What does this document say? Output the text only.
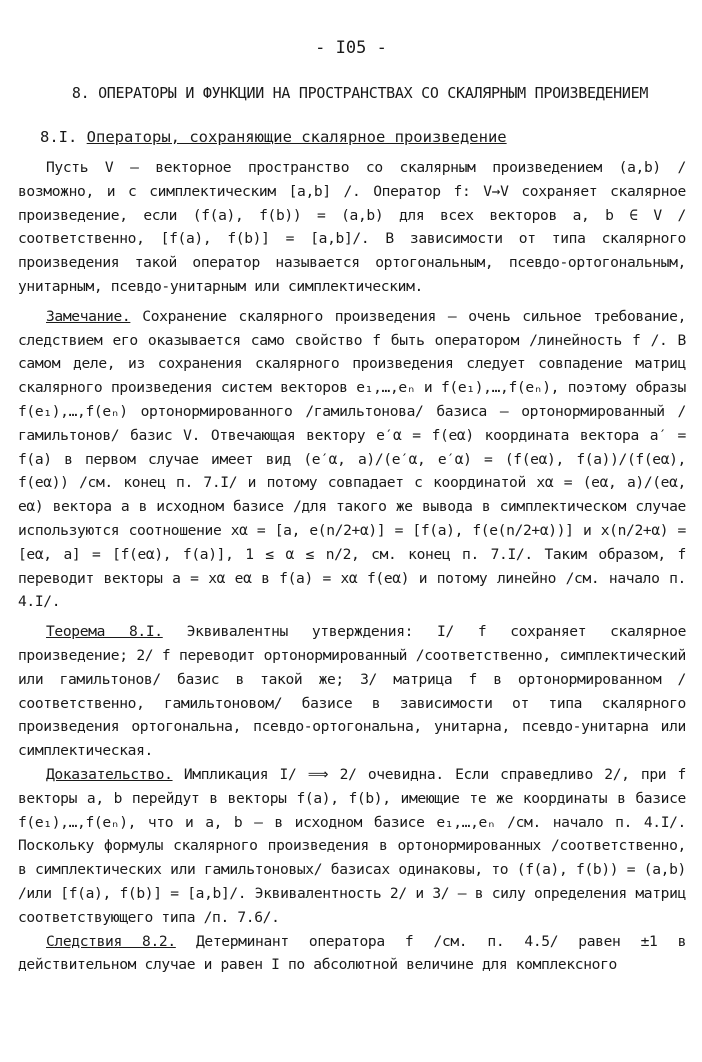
- I05 -
8. ОПЕРАТОРЫ И ФУНКЦИИ НА ПРОСТРАНСТВАХ СО СКАЛЯРНЫМ ПРОИЗВЕДЕНИЕМ
8.I. Операторы, сохраняющие скалярное произведение

Пусть V – векторное пространство со скалярным произведением (a,b) /возможно, и с симплектическим [a,b] /. Оператор f: V→V сохраняет скалярное произведение, если (f(a), f(b)) = (a,b) для всех векторов a, b ∈ V /соответственно, [f(a), f(b)] = [a,b]/. В зависимости от типа скалярного произведения такой оператор называется ортогональным, псевдо-ортогональным, унитарным, псевдо-унитарным или симплектическим.

Замечание. Сохранение скалярного произведения – очень сильное требование, следствием его оказывается само свойство f быть оператором /линейность f /. В самом деле, из сохранения скалярного произведения следует совпадение матриц скалярного произведения систем векторов e₁,…,eₙ и f(e₁),…,f(eₙ), поэтому образы f(e₁),…,f(eₙ) ортонормированного /гамильтонова/ базиса – ортонормированный /гамильтонов/ базис V. Отвечающая вектору e′α = f(eα) координата вектора a′ = f(a) в первом случае имеет вид (e′α, a)/(e′α, e′α) = (f(eα), f(a))/(f(eα), f(eα)) /см. конец п. 7.I/ и потому совпадает с координатой xα = (eα, a)/(eα, eα) вектора a в исходном базисе /для такого же вывода в симплектическом случае используются соотношение xα = [a, e(n/2+α)] = [f(a), f(e(n/2+α))] и x(n/2+α) = [eα, a] = [f(eα), f(a)], 1 ≤ α ≤ n/2, см. конец п. 7.I/. Таким образом, f переводит векторы a = xα eα в f(a) = xα f(eα) и потому линейно /см. начало п. 4.I/.

Теорема 8.I. Эквивалентны утверждения: I/ f сохраняет скалярное произведение; 2/ f переводит ортонормированный /соответственно, симплектический или гамильтонов/ базис в такой же; 3/ матрица f в ортонормированном /соответственно, гамильтоновом/ базисе в зависимости от типа скалярного произведения ортогональна, псевдо-ортогональна, унитарна, псевдо-унитарна или симплектическая.

Доказательство. Импликация I/ ⟹ 2/ очевидна. Если справедливо 2/, при f векторы a, b перейдут в векторы f(a), f(b), имеющие те же координаты в базисе f(e₁),…,f(eₙ), что и a, b – в исходном базисе e₁,…,eₙ /см. начало п. 4.I/. Поскольку формулы скалярного произведения в ортонормированных /соответственно, в симплектических или гамильтоновых/ базисах одинаковы, то (f(a), f(b)) = (a,b) /или [f(a), f(b)] = [a,b]/. Эквивалентность 2/ и 3/ – в силу определения матриц соответствующего типа /п. 7.6/.

Следствия 8.2. Детерминант оператора f /см. п. 4.5/ равен ±1 в действительном случае и равен I по абсолютной величине для комплексного
